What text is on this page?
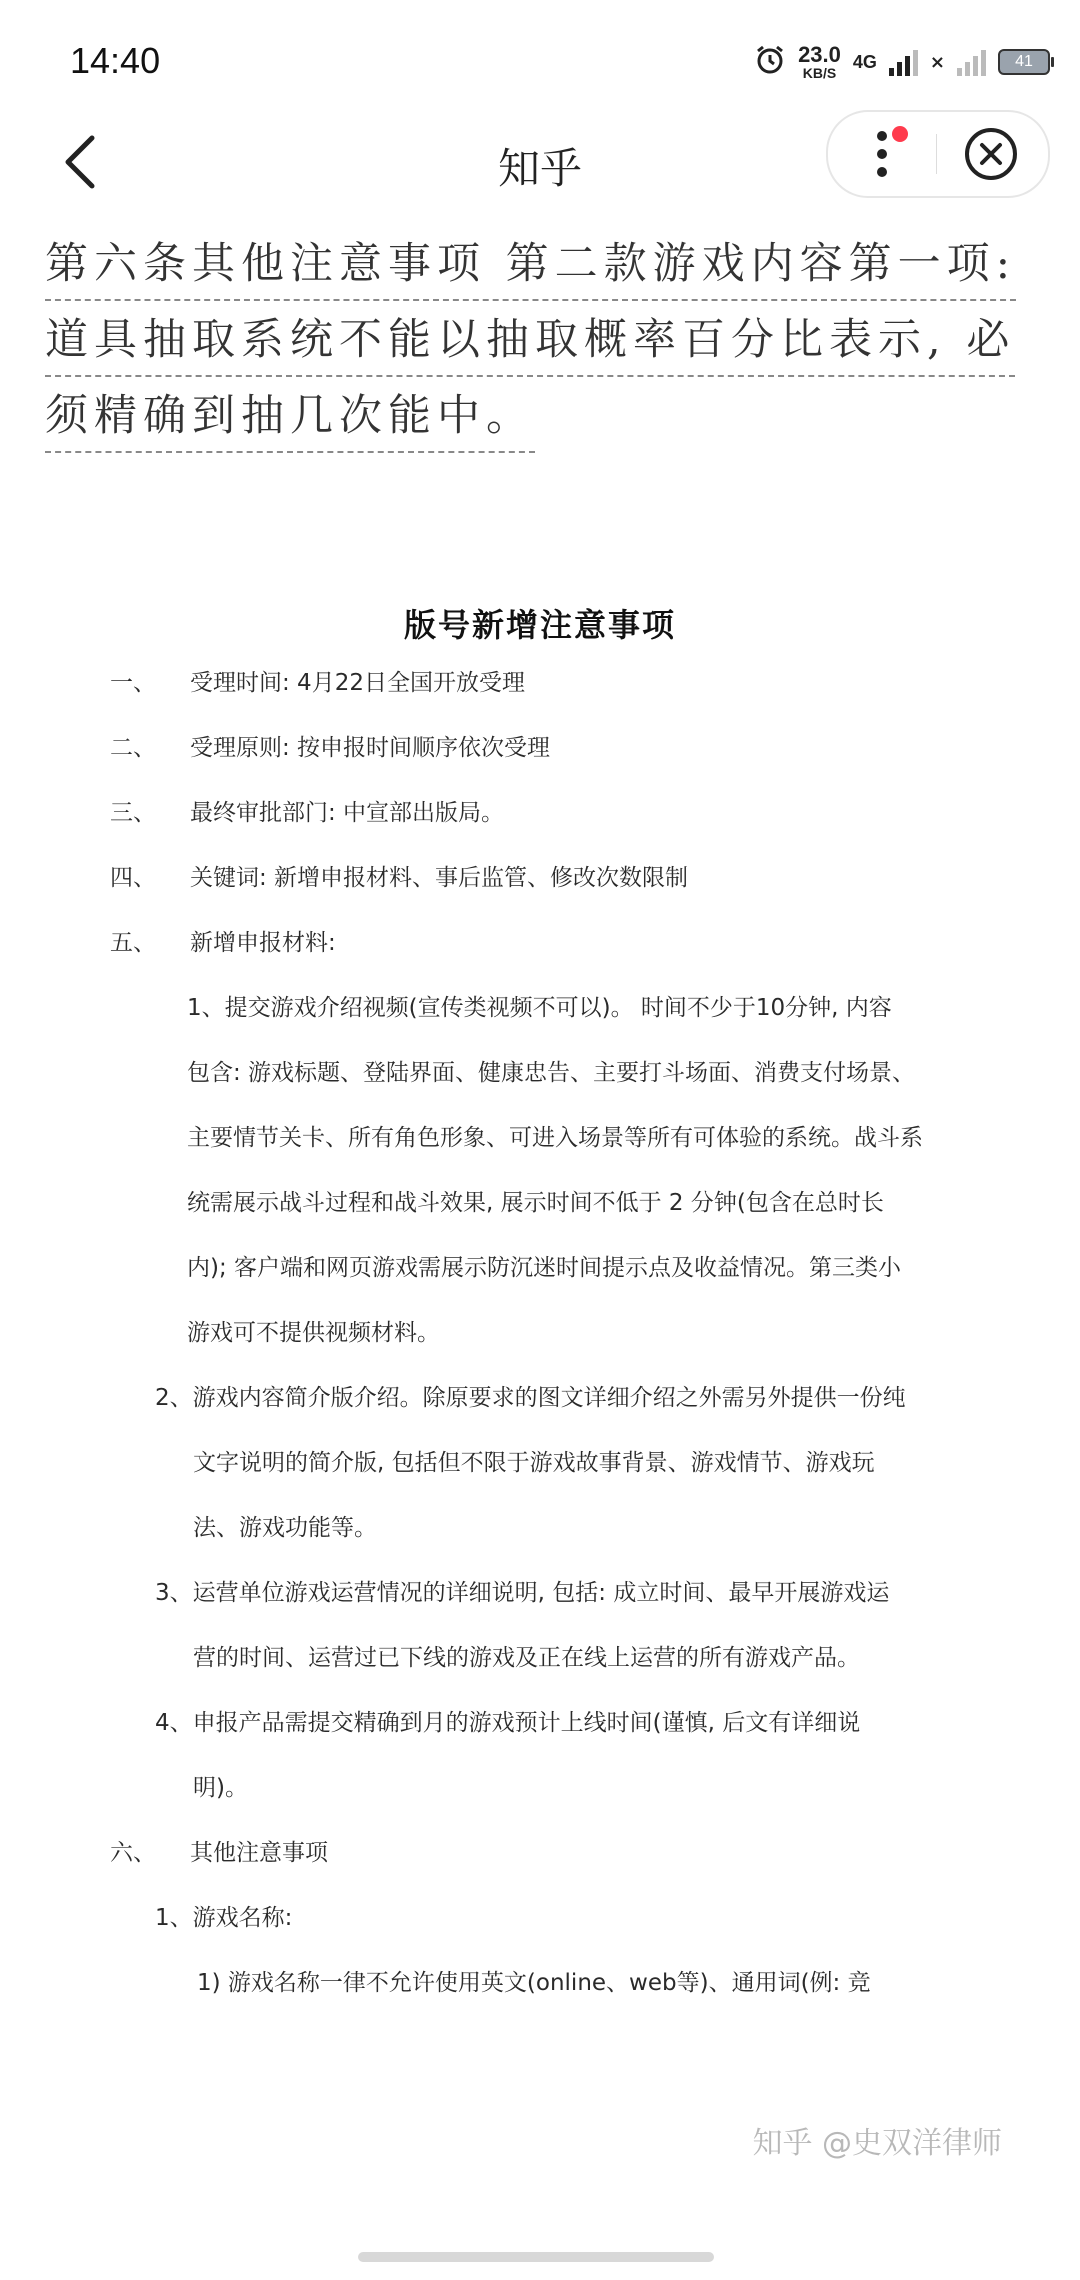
14:40	23.0
KB/S
4G	×	41
知乎
第六条其他注意事项 第二款游戏内容第一项:
道具抽取系统不能以抽取概率百分比表示, 必
须精确到抽几次能中。
版号新增注意事项
一、 受理时间: 4月22日全国开放受理
二、 受理原则: 按申报时间顺序依次受理
三、 最终审批部门: 中宣部出版局。
四、 关键词: 新增申报材料、事后监管、修改次数限制
五、 新增申报材料:
1、提交游戏介绍视频(宣传类视频不可以)。 时间不少于10分钟, 内容
包含: 游戏标题、登陆界面、健康忠告、主要打斗场面、消费支付场景、
主要情节关卡、所有角色形象、可进入场景等所有可体验的系统。战斗系
统需展示战斗过程和战斗效果, 展示时间不低于 2 分钟(包含在总时长
内); 客户端和网页游戏需展示防沉迷时间提示点及收益情况。第三类小
游戏可不提供视频材料。
2、游戏内容简介版介绍。除原要求的图文详细介绍之外需另外提供一份纯
文字说明的简介版, 包括但不限于游戏故事背景、游戏情节、游戏玩
法、游戏功能等。
3、运营单位游戏运营情况的详细说明, 包括: 成立时间、最早开展游戏运
营的时间、运营过已下线的游戏及正在线上运营的所有游戏产品。
4、申报产品需提交精确到月的游戏预计上线时间(谨慎, 后文有详细说
明)。
六、 其他注意事项
1、游戏名称:
1) 游戏名称一律不允许使用英文(online、web等)、通用词(例: 竞
知乎 @史双洋律师
